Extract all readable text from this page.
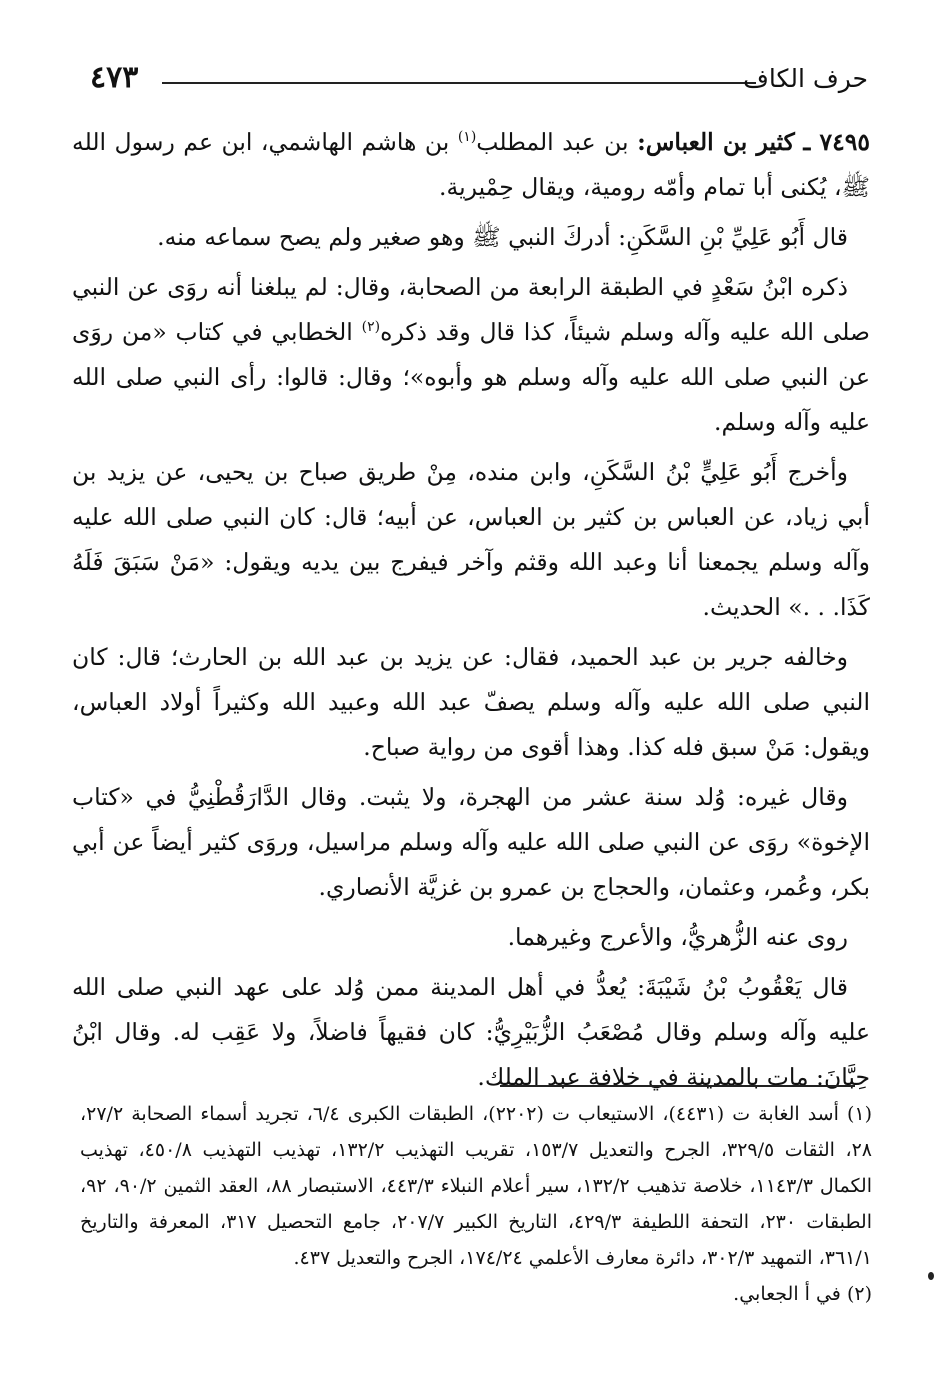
٤٧٣	حرف الكاف

٧٤٩٥ ـ كثير بن العباس: بن عبد المطلب$^{(١)}$ بن هاشم الهاشمي، ابن عم رسول الله ﷺ، يُكنى أبا تمام وأمّه رومية، ويقال حِمْيرية.

قال أَبُو عَلِيِّ بْنِ السَّكَنِ: أدركَ النبي ﷺ وهو صغير ولم يصح سماعه منه.

ذكره ابْنُ سَعْدٍ في الطبقة الرابعة من الصحابة، وقال: لم يبلغنا أنه روَى عن النبي صلى الله عليه وآله وسلم شيئاً، كذا قال وقد ذكره$^{(٢)}$ الخطابي في كتاب «من روَى عن النبي صلى الله عليه وآله وسلم هو وأبوه»؛ وقال: قالوا: رأى النبي صلى الله عليه وآله وسلم.

وأخرج أَبُو عَلِيٍّ بْنُ السَّكَنِ، وابن منده، مِنْ طريق صباح بن يحيى، عن يزيد بن أبي زياد، عن العباس بن كثير بن العباس، عن أبيه؛ قال: كان النبي صلى الله عليه وآله وسلم يجمعنا أنا وعبد الله وقثم وآخر فيفرج بين يديه ويقول: «مَنْ سَبَقَ فَلَهُ كَذَا. . .» الحديث.

وخالفه جرير بن عبد الحميد، فقال: عن يزيد بن عبد الله بن الحارث؛ قال: كان النبي صلى الله عليه وآله وسلم يصفّ عبد الله وعبيد الله وكثيراً أولاد العباس، ويقول: مَنْ سبق فله كذا. وهذا أقوى من رواية صباح.

وقال غيره: وُلد سنة عشر من الهجرة، ولا يثبت. وقال الدَّارَقُطْنِيُّ في «كتاب الإخوة» روَى عن النبي صلى الله عليه وآله وسلم مراسيل، وروَى كثير أيضاً عن أبي بكر، وعُمر، وعثمان، والحجاج بن عمرو بن غزيَّة الأنصاري.

روى عنه الزُّهريُّ، والأعرج وغيرهما.

قال يَعْقُوبُ بْنُ شَيْبَةَ: يُعدُّ في أهل المدينة ممن وُلد على عهد النبي صلى الله عليه وآله وسلم وقال مُصْعَبُ الزُّبَيْرِيُّ: كان فقيهاً فاضلاً، ولا عَقِب له. وقال ابْنُ حِبَّانَ: مات بالمدينة في خلافة عبد الملك.

(١) أسد الغابة ت (٤٤٣١)، الاستيعاب ت (٢٢٠٢)، الطبقات الكبرى ٦/٤، تجريد أسماء الصحابة ٢٧/٢، ٢٨، الثقات ٣٢٩/٥، الجرح والتعديل ١٥٣/٧، تقريب التهذيب ١٣٢/٢، تهذيب التهذيب ٤٥٠/٨، تهذيب الكمال ١١٤٣/٣، خلاصة تذهيب ١٣٢/٢، سير أعلام النبلاء ٤٤٣/٣، الاستبصار ٨٨، العقد الثمين ٩٠/٢، ٩٢، الطبقات ٢٣٠، التحفة اللطيفة ٤٢٩/٣، التاريخ الكبير ٢٠٧/٧، جامع التحصيل ٣١٧، المعرفة والتاريخ ٣٦١/١، التمهيد ٣٠٢/٣، دائرة معارف الأعلمي ١٧٤/٢٤، الجرح والتعديل ٤٣٧.

(٢) في أ الجعابي.
